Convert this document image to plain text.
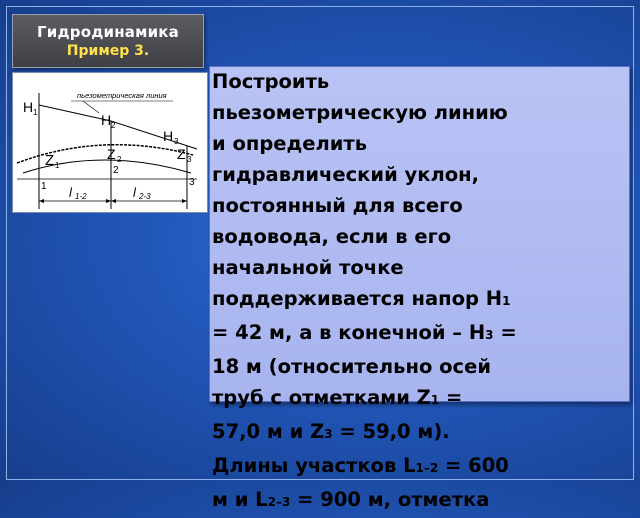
Гидродинамика
Пример 3.
пьезометрическая линия
H 1	H 2
H 3
Z 1
Z 2	Z 3
1
2
3
l 1-2	l 2-3

Построить
пьезометрическую линию
и определить
гидравлический уклон,
постоянный для всего
водовода, если в его
начальной точке
поддерживается напор H1
= 42 м, а в конечной – H3 =
18 м (относительно осей
труб с отметками Z1 =
57,0 м и Z3 = 59,0 м).
Длины участков L1–2 = 600
м и L2–3 = 900 м, отметка
